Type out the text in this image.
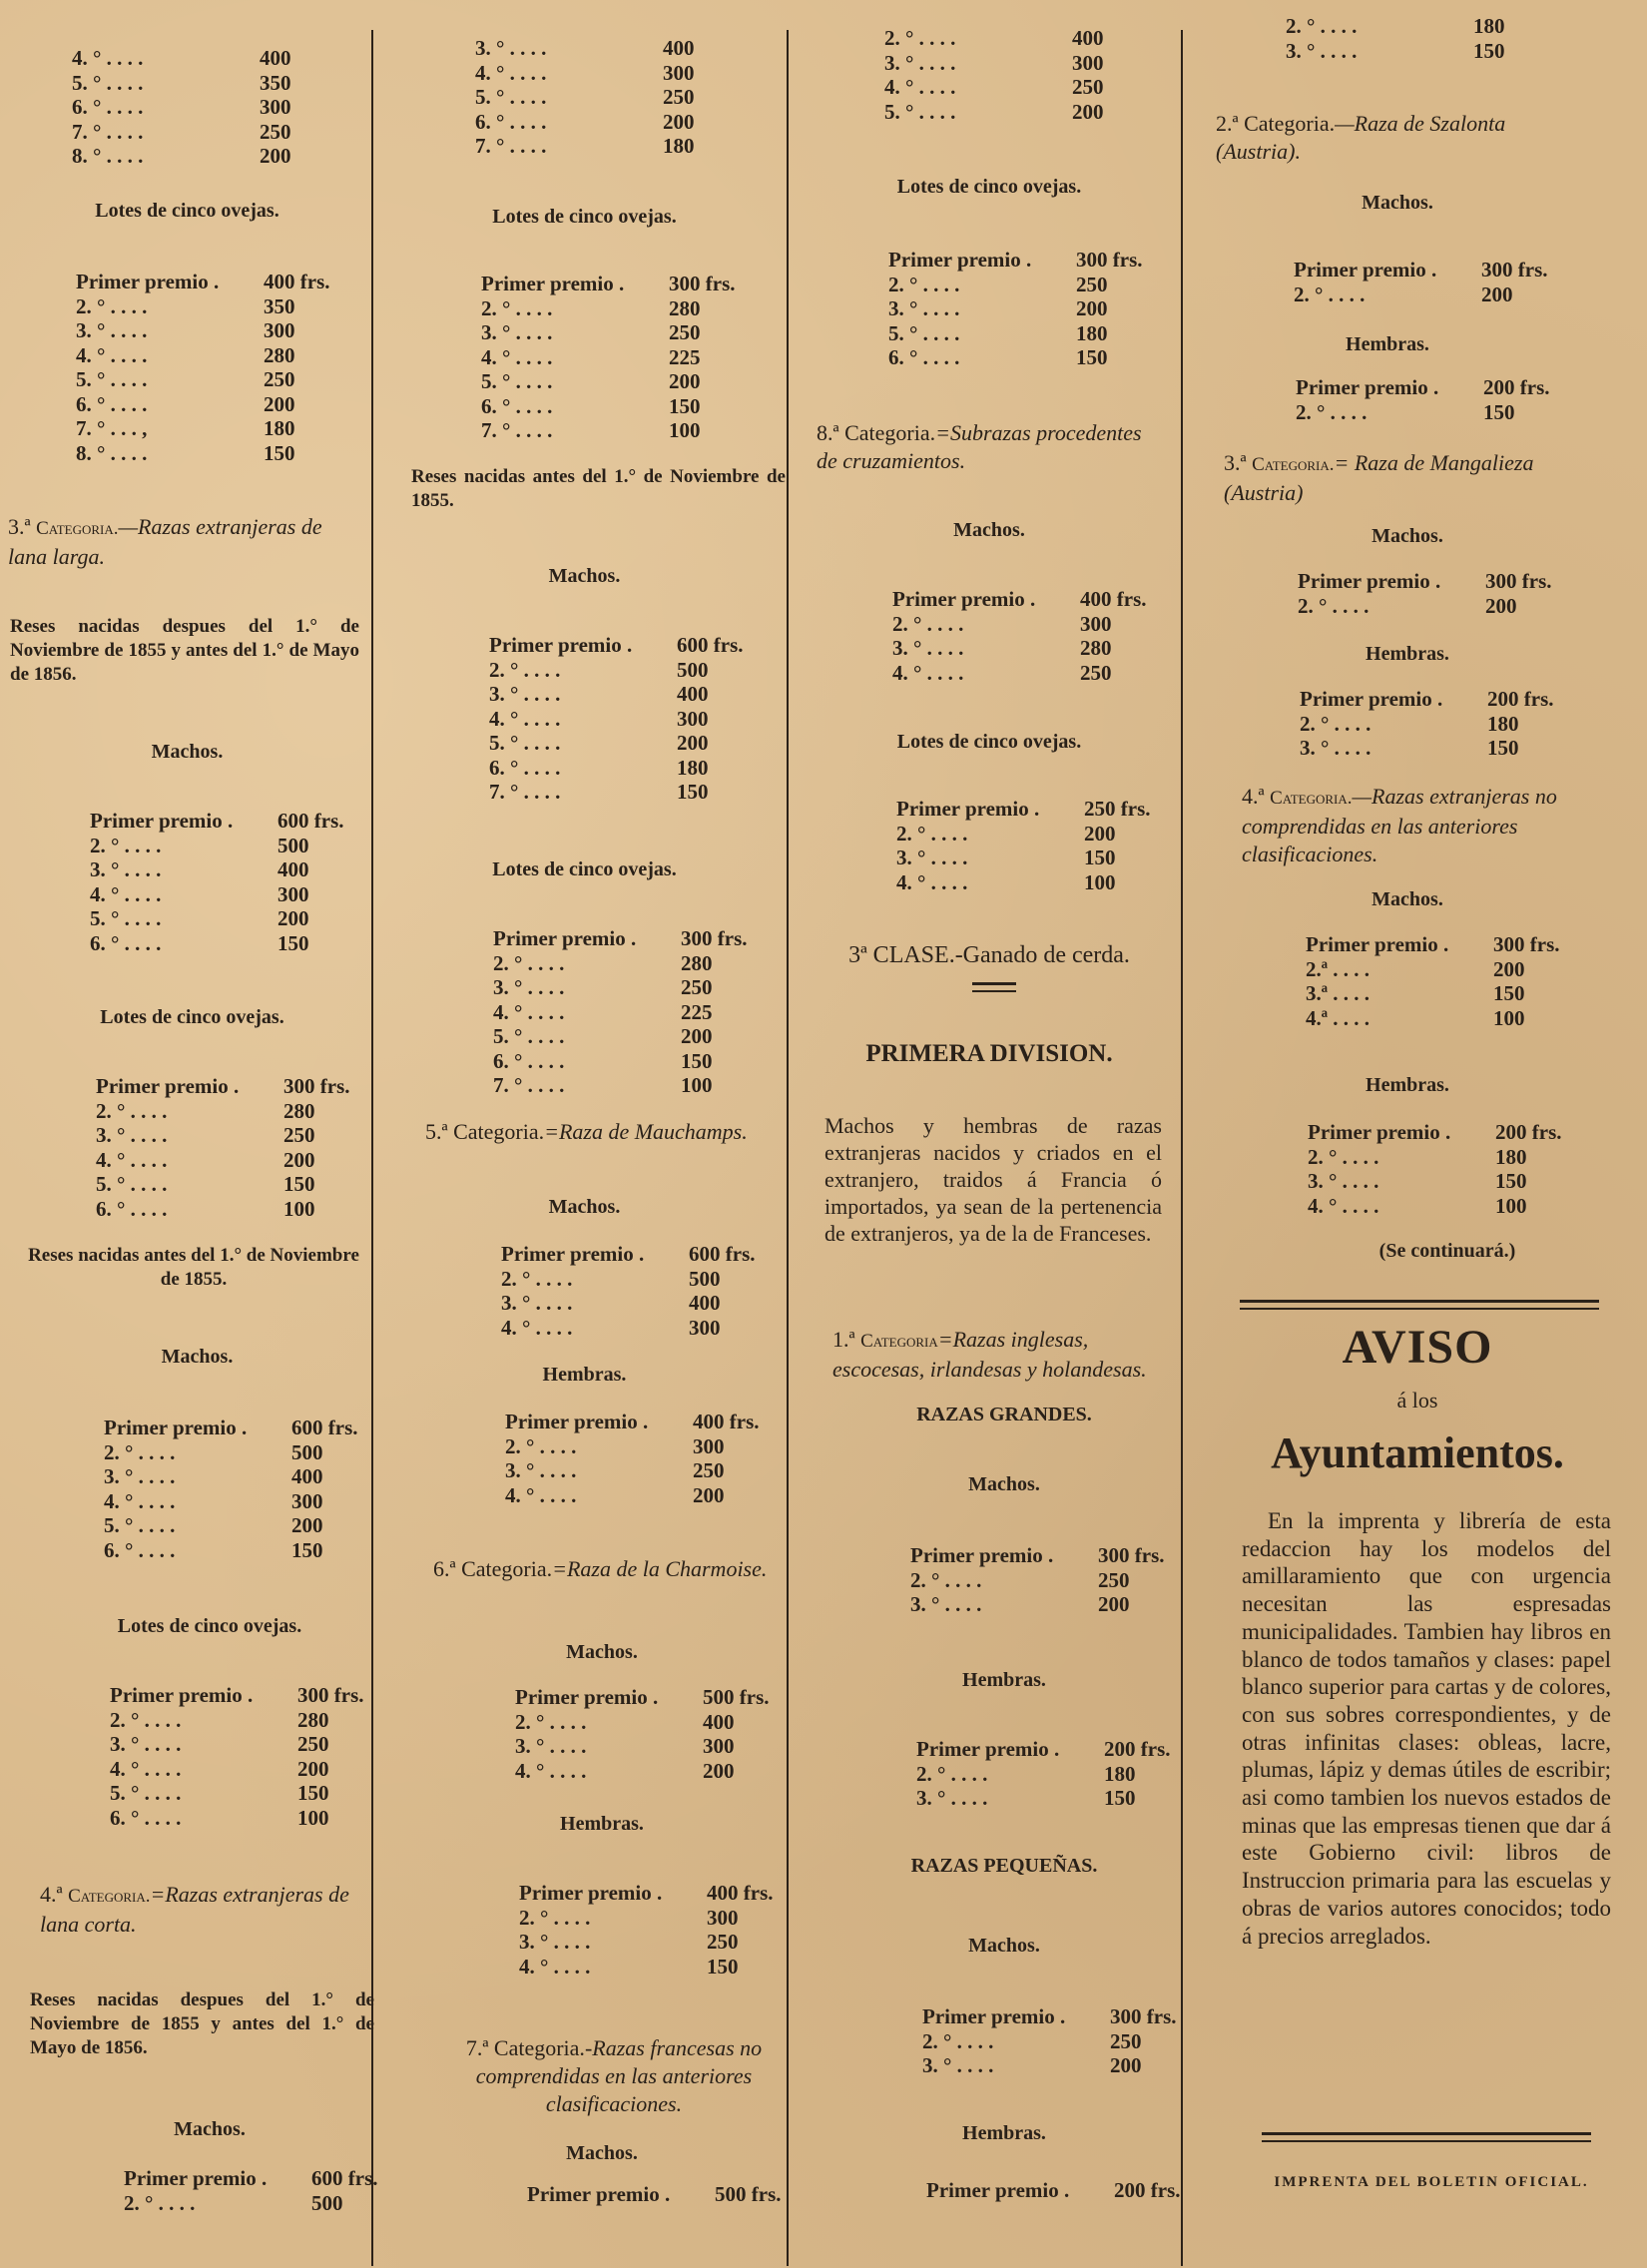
4. ° . . . .	400
5. ° . . . .	350
6. ° . . . .	300
7. ° . . . .	250
8. ° . . . .	200
Lotes de cinco ovejas.
Primer premio .	400 frs.
2. ° . . . .	350
3. ° . . . .	300
4. ° . . . .	280
5. ° . . . .	250
6. ° . . . .	200
7. ° . . . ,	180
8. ° . . . .	150
3.ª Categoria.—Razas extranjeras de lana larga.
Reses nacidas despues del 1.° de Noviembre de 1855 y antes del 1.° de Mayo de 1856.
Machos.
Primer premio .	600 frs.
2. ° . . . .	500
3. ° . . . .	400
4. ° . . . .	300
5. ° . . . .	200
6. ° . . . .	150
Lotes de cinco ovejas.
Primer premio .	300 frs.
2. ° . . . .	280
3. ° . . . .	250
4. ° . . . .	200
5. ° . . . .	150
6. ° . . . .	100
Reses nacidas antes del 1.° de Noviembre de 1855.
Machos.
Primer premio .	600 frs.
2. ° . . . .	500
3. ° . . . .	400
4. ° . . . .	300
5. ° . . . .	200
6. ° . . . .	150
Lotes de cinco ovejas.
Primer premio .	300 frs.
2. ° . . . .	280
3. ° . . . .	250
4. ° . . . .	200
5. ° . . . .	150
6. ° . . . .	100
4.ª Categoria.=Razas extranjeras de lana corta.
Reses nacidas despues del 1.° de Noviembre de 1855 y antes del 1.° de Mayo de 1856.
Machos.
Primer premio .	600 frs.
2. ° . . . .	500
3. ° . . . .	400
4. ° . . . .	300
5. ° . . . .	250
6. ° . . . .	200
7. ° . . . .	180
Lotes de cinco ovejas.
Primer premio .	300 frs.
2. ° . . . .	280
3. ° . . . .	250
4. ° . . . .	225
5. ° . . . .	200
6. ° . . . .	150
7. ° . . . .	100
Reses nacidas antes del 1.° de Noviembre de 1855.
Machos.
Primer premio .	600 frs.
2. ° . . . .	500
3. ° . . . .	400
4. ° . . . .	300
5. ° . . . .	200
6. ° . . . .	180
7. ° . . . .	150
Lotes de cinco ovejas.
Primer premio .	300 frs.
2. ° . . . .	280
3. ° . . . .	250
4. ° . . . .	225
5. ° . . . .	200
6. ° . . . .	150
7. ° . . . .	100
5.ª Categoria.=Raza de Mauchamps.
Machos.
Primer premio .	600 frs.
2. ° . . . .	500
3. ° . . . .	400
4. ° . . . .	300
Hembras.
Primer premio .	400 frs.
2. ° . . . .	300
3. ° . . . .	250
4. ° . . . .	200
6.ª Categoria.=Raza de la Charmoise.
Machos.
Primer premio .	500 frs.
2. ° . . . .	400
3. ° . . . .	300
4. ° . . . .	200
Hembras.
Primer premio .	400 frs.
2. ° . . . .	300
3. ° . . . .	250
4. ° . . . .	150
7.ª Categoria.-Razas francesas no comprendidas en las anteriores clasificaciones.
Machos.
Primer premio .	500 frs.
2. ° . . . .	400
3. ° . . . .	300
4. ° . . . .	250
5. ° . . . .	200
Lotes de cinco ovejas.
Primer premio .	300 frs.
2. ° . . . .	250
3. ° . . . .	200
5. ° . . . .	180
6. ° . . . .	150
8.ª Categoria.=Subrazas procedentes de cruzamientos.
Machos.
Primer premio .	400 frs.
2. ° . . . .	300
3. ° . . . .	280
4. ° . . . .	250
Lotes de cinco ovejas.
Primer premio .	250 frs.
2. ° . . . .	200
3. ° . . . .	150
4. ° . . . .	100
3ª CLASE.-Ganado de cerda.
PRIMERA DIVISION.
Machos y hembras de razas extranjeras nacidos y criados en el extranjero, traidos á Francia ó importados, ya sean de la pertenencia de extranjeros, ya de la de Franceses.
1.ª Categoria=Razas inglesas, escocesas, irlandesas y holandesas.
RAZAS GRANDES.
Machos.
Primer premio .	300 frs.
2. ° . . . .	250
3. ° . . . .	200
Hembras.
Primer premio .	200 frs.
2. ° . . . .	180
3. ° . . . .	150
RAZAS PEQUEÑAS.
Machos.
Primer premio .	300 frs.
2. ° . . . .	250
3. ° . . . .	200
Hembras.
Primer premio .	200 frs.
2. ° . . . .	180
3. ° . . . .	150
2.ª Categoria.—Raza de Szalonta (Austria).
Machos.
Primer premio .	300 frs.
2. ° . . . .	200
Hembras.
Primer premio .	200 frs.
2. ° . . . .	150
3.ª Categoria.= Raza de Mangalieza (Austria)
Machos.
Primer premio .	300 frs.
2. ° . . . .	200
Hembras.
Primer premio .	200 frs.
2. ° . . . .	180
3. ° . . . .	150
4.ª Categoria.—Razas extranjeras no comprendidas en las anteriores clasificaciones.
Machos.
Primer premio .	300 frs.
2.ª . . . .	200
3.ª . . . .	150
4.ª . . . .	100
Hembras.
Primer premio .	200 frs.
2. ° . . . .	180
3. ° . . . .	150
4. ° . . . .	100
(Se continuará.)
AVISO
á los
Ayuntamientos.
En la imprenta y librería de esta redaccion hay los modelos del amillaramiento que con urgencia necesitan las espresadas municipalidades. Tambien hay libros en blanco de todos tamaños y clases: papel blanco superior para cartas y de colores, con sus sobres correspondientes, y de otras infinitas clases: obleas, lacre, plumas, lápiz y demas útiles de escribir; asi como tambien los nuevos estados de minas que las empresas tienen que dar á este Gobierno civil: libros de Instruccion primaria para las escuelas y obras de varios autores conocidos; todo á precios arreglados.
IMPRENTA DEL BOLETIN OFICIAL.
